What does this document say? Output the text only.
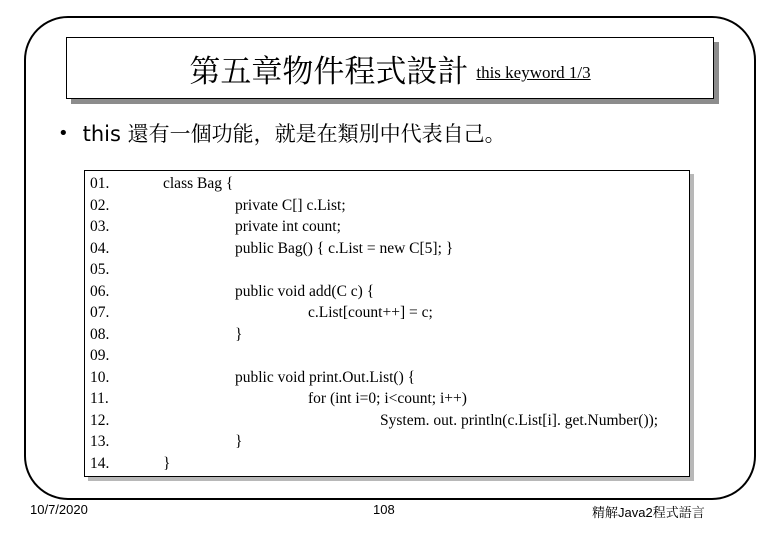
第五章物件程式設計 this keyword 1/3
• this 還有一個功能，就是在類別中代表自己。
01.	class Bag {
02.	private C[] c.List;
03.	private int count;
04.	public Bag() { c.List = new C[5]; }
05.
06.	public void add(C c) {
07.	c.List[count++] = c;
08.	}
09.
10.	public void print.Out.List() {
11.	for (int i=0; i<count; i++)
12.	System. out. println(c.List[i]. get.Number());
13.	}
14.	}
10/7/2020	108	精解Java2程式語言
